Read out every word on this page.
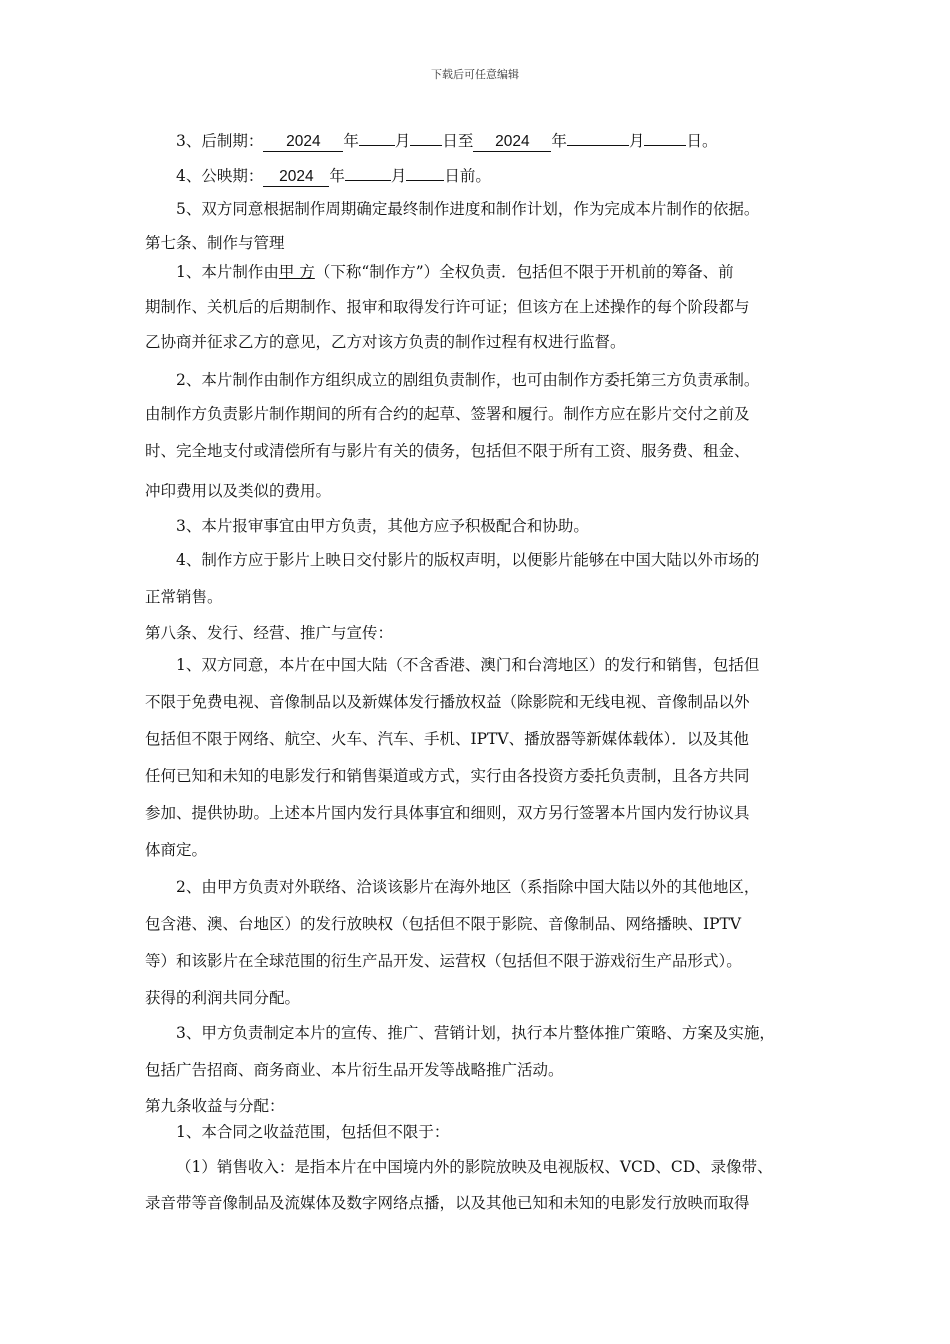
下载后可任意编辑
3、后制期： 2024 年 月 日至 2024 年	月	日。
4、公映期： 2024 年	月 日前。
5、双方同意根据制作周期确定最终制作进度和制作计划，作为完成本片制作的依据。
第七条、制作与管理
1、本片制作由甲 方（下称“制作方”）全权负责．包括但不限于开机前的筹备、前
期制作、关机后的后期制作、报审和取得发行许可证；但该方在上述操作的每个阶段都与
乙协商并征求乙方的意见，乙方对该方负责的制作过程有权进行监督。
2、本片制作由制作方组织成立的剧组负责制作，也可由制作方委托第三方负责承制。
由制作方负责影片制作期间的所有合约的起草、签署和履行。制作方应在影片交付之前及
时、完全地支付或清偿所有与影片有关的债务，包括但不限于所有工资、服务费、租金、
冲印费用以及类似的费用。
3、本片报审事宜由甲方负责，其他方应予积极配合和协助。
4、制作方应于影片上映日交付影片的版权声明，以便影片能够在中国大陆以外市场的
正常销售。
第八条、发行、经营、推广与宣传：
1、双方同意，本片在中国大陆（不含香港、澳门和台湾地区）的发行和销售，包括但
不限于免费电视、音像制品以及新媒体发行播放权益（除影院和无线电视、音像制品以外
包括但不限于网络、航空、火车、汽车、手机、IPTV、播放器等新媒体载体）．以及其他
任何已知和未知的电影发行和销售渠道或方式，实行由各投资方委托负责制，且各方共同
参加、提供协助。上述本片国内发行具体事宜和细则，双方另行签署本片国内发行协议具
体商定。
2、由甲方负责对外联络、洽谈该影片在海外地区（系指除中国大陆以外的其他地区，
包含港、澳、台地区）的发行放映权（包括但不限于影院、音像制品、网络播映、IPTV
等）和该影片在全球范围的衍生产品开发、运营权（包括但不限于游戏衍生产品形式）。
获得的利润共同分配。
3、甲方负责制定本片的宣传、推广、营销计划，执行本片整体推广策略、方案及实施，
包括广告招商、商务商业、本片衍生品开发等战略推广活动。
第九条收益与分配：
1、本合同之收益范围，包括但不限于：
（1）销售收入：是指本片在中国境内外的影院放映及电视版权、VCD、CD、录像带、
录音带等音像制品及流媒体及数字网络点播，以及其他已知和未知的电影发行放映而取得
